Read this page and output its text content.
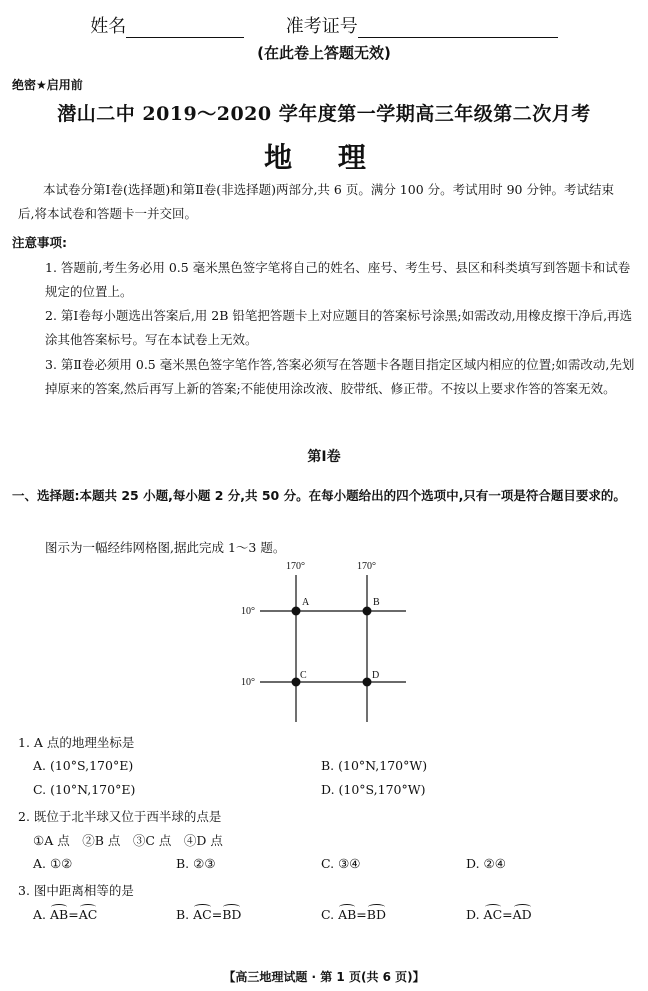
姓名	准考证号
(在此卷上答题无效)
绝密★启用前
潜山二中 2019～2020 学年度第一学期高三年级第二次月考
地 理
本试卷分第Ⅰ卷(选择题)和第Ⅱ卷(非选择题)两部分,共 6 页。满分 100 分。考试用时 90 分钟。考试结束后,将本试卷和答题卡一并交回。
注意事项:
1. 答题前,考生务必用 0.5 毫米黑色签字笔将自己的姓名、座号、考生号、县区和科类填写到答题卡和试卷规定的位置上。
2. 第Ⅰ卷每小题选出答案后,用 2B 铅笔把答题卡上对应题目的答案标号涂黑;如需改动,用橡皮擦干净后,再选涂其他答案标号。写在本试卷上无效。
3. 第Ⅱ卷必须用 0.5 毫米黑色签字笔作答,答案必须写在答题卡各题目指定区域内相应的位置;如需改动,先划掉原来的答案,然后再写上新的答案;不能使用涂改液、胶带纸、修正带。不按以上要求作答的答案无效。
第Ⅰ卷
一、选择题:本题共 25 小题,每小题 2 分,共 50 分。在每小题给出的四个选项中,只有一项是符合题目要求的。
图示为一幅经纬网格图,据此完成 1～3 题。
170°	170°
10°
10°
A	B
C	D
1. A 点的地理坐标是
A. (10°S,170°E)	B. (10°N,170°W)
C. (10°N,170°E)	D. (10°S,170°W)
2. 既位于北半球又位于西半球的点是
①A 点　②B 点　③C 点　④D 点
A. ①②	B. ②③	C. ③④	D. ②④
3. 图中距离相等的是
A. AB=AC	B. AC=BD	C. AB=BD	D. AC=AD
【高三地理试题 · 第 1 页(共 6 页)】
